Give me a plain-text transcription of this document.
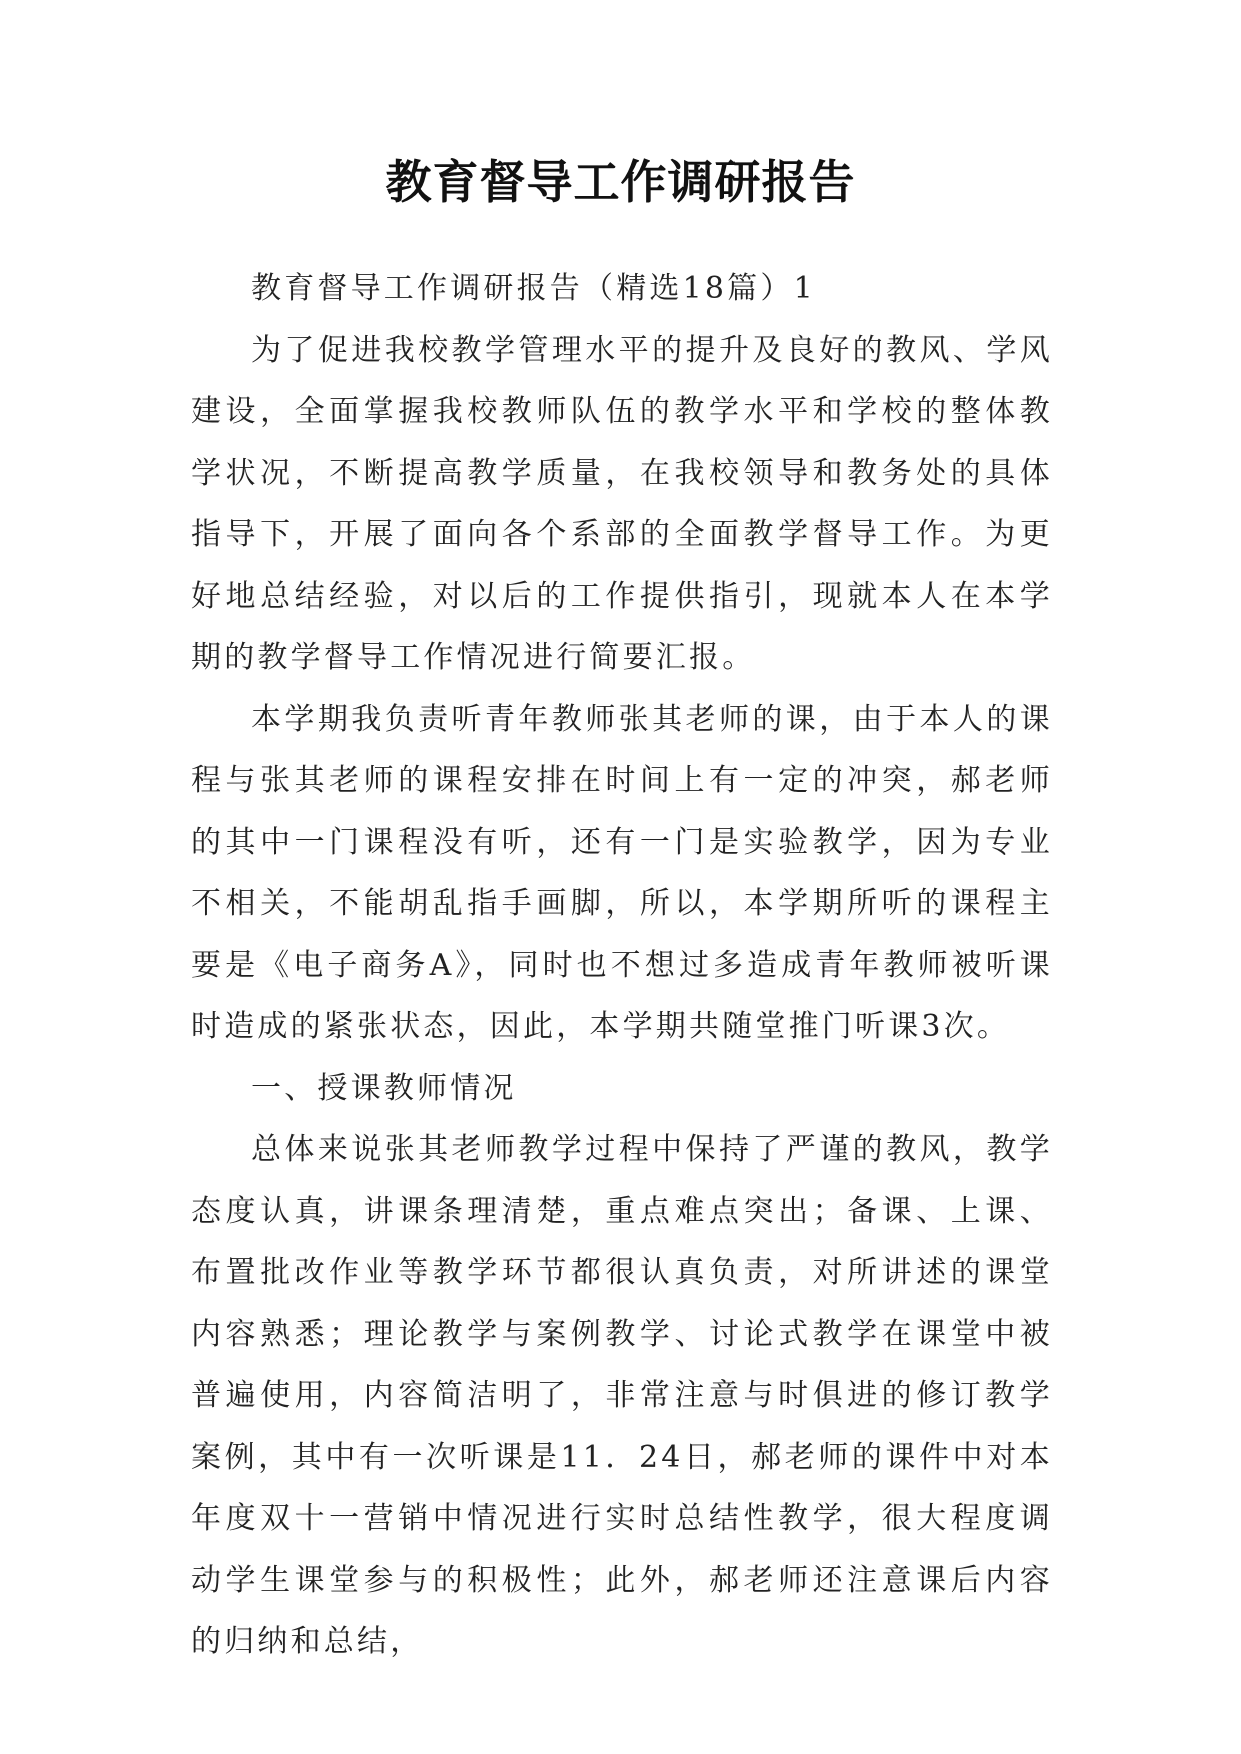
教育督导工作调研报告

教育督导工作调研报告（精选18篇）1

为了促进我校教学管理水平的提升及良好的教风、学风建设，全面掌握我校教师队伍的教学水平和学校的整体教学状况，不断提高教学质量，在我校领导和教务处的具体指导下，开展了面向各个系部的全面教学督导工作。为更好地总结经验，对以后的工作提供指引，现就本人在本学期的教学督导工作情况进行简要汇报。

本学期我负责听青年教师张其老师的课，由于本人的课程与张其老师的课程安排在时间上有一定的冲突，郝老师的其中一门课程没有听，还有一门是实验教学，因为专业不相关，不能胡乱指手画脚，所以，本学期所听的课程主要是《电子商务A》，同时也不想过多造成青年教师被听课时造成的紧张状态，因此，本学期共随堂推门听课3次。

一、授课教师情况

总体来说张其老师教学过程中保持了严谨的教风，教学态度认真，讲课条理清楚，重点难点突出；备课、上课、布置批改作业等教学环节都很认真负责，对所讲述的课堂内容熟悉；理论教学与案例教学、讨论式教学在课堂中被普遍使用，内容简洁明了，非常注意与时俱进的修订教学案例，其中有一次听课是11．24日，郝老师的课件中对本年度双十一营销中情况进行实时总结性教学，很大程度调动学生课堂参与的积极性；此外，郝老师还注意课后内容的归纳和总结，
